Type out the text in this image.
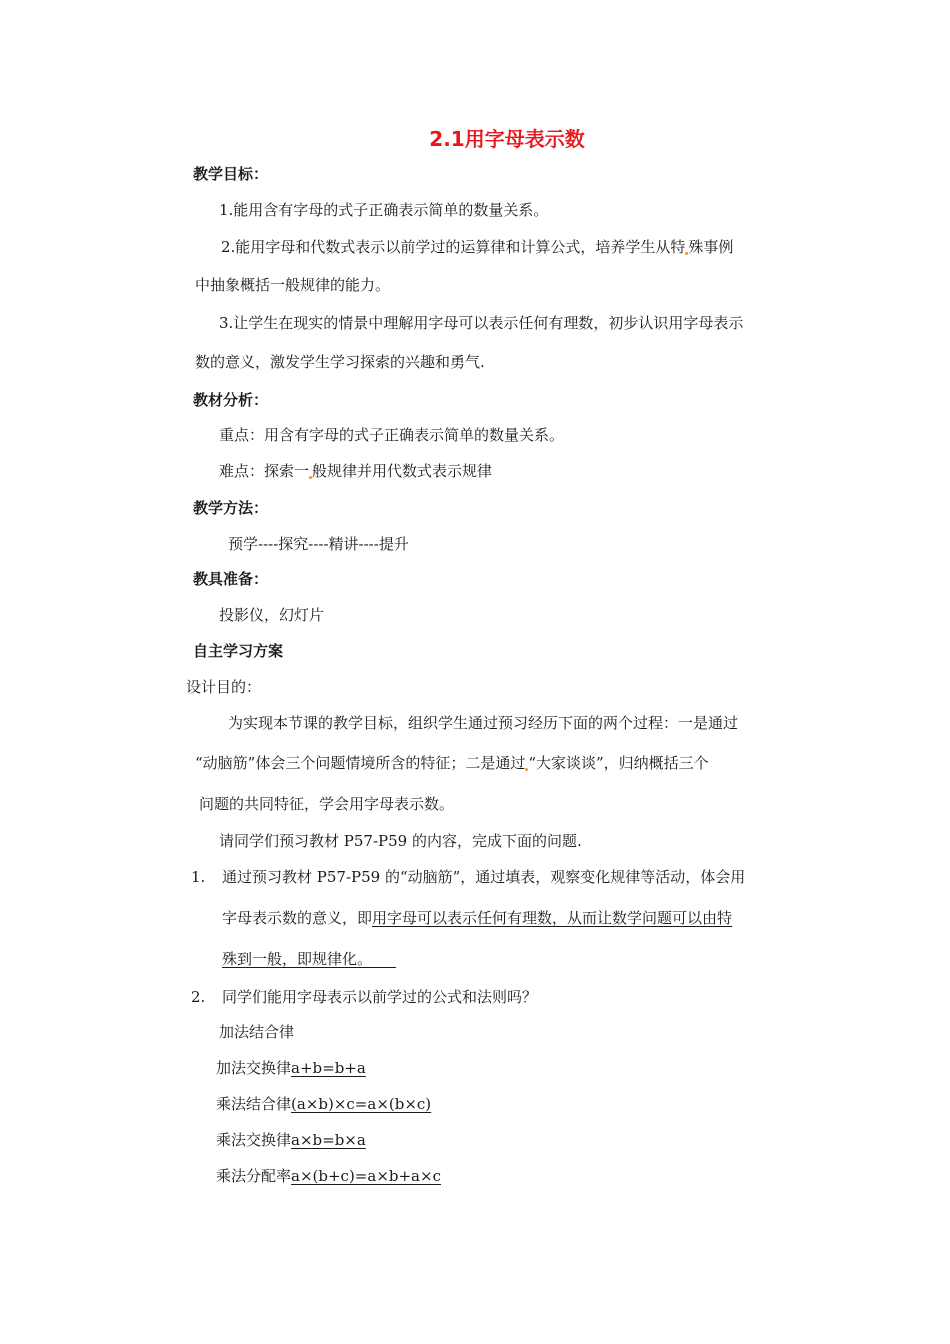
2.1用字母表示数
教学目标：
1.能用含有字母的式子正确表示简单的数量关系。
2.能用字母和代数式表示以前学过的运算律和计算公式，培养学生从特 殊事例
中抽象概括一般规律的能力。
3.让学生在现实的情景中理解用字母可以表示任何有理数，初步认识用字母表示
数的意义，激发学生学习探索的兴趣和勇气.
教材分析：
重点：用含有字母的式子正确表示简单的数量关系。
难点：探索一 般规律并用代数式表示规律
教学方法：
预学----探究----精讲----提升
教具准备：
投影仪，幻灯片
自主学习方案
设计目的：
为实现本节课的教学目标，组织学生通过预习经历下面的两个过程：一是通过
“动脑筋”体会三个问题情境所含的特征；二是通过 “大家谈谈”，归纳概括三个
问题的共同特征，学会用字母表示数。
请同学们预习教材 P57-P59 的内容，完成下面的问题.
1. 通过预习教材 P57-P59 的“动脑筋”，通过填表，观察变化规律等活动，体会用
字母表示数的意义，即用字母可以表示任何有理数，从而让数学问题可以由特
殊到一般，即规律化。
2. 同学们能用字母表示以前学过的公式和法则吗？
加法结合律
加法交换律a+b=b+a
乘法结合律(a×b)×c=a×(b×c)
乘法交换律a×b=b×a
乘法分配率a×(b+c)=a×b+a×c
